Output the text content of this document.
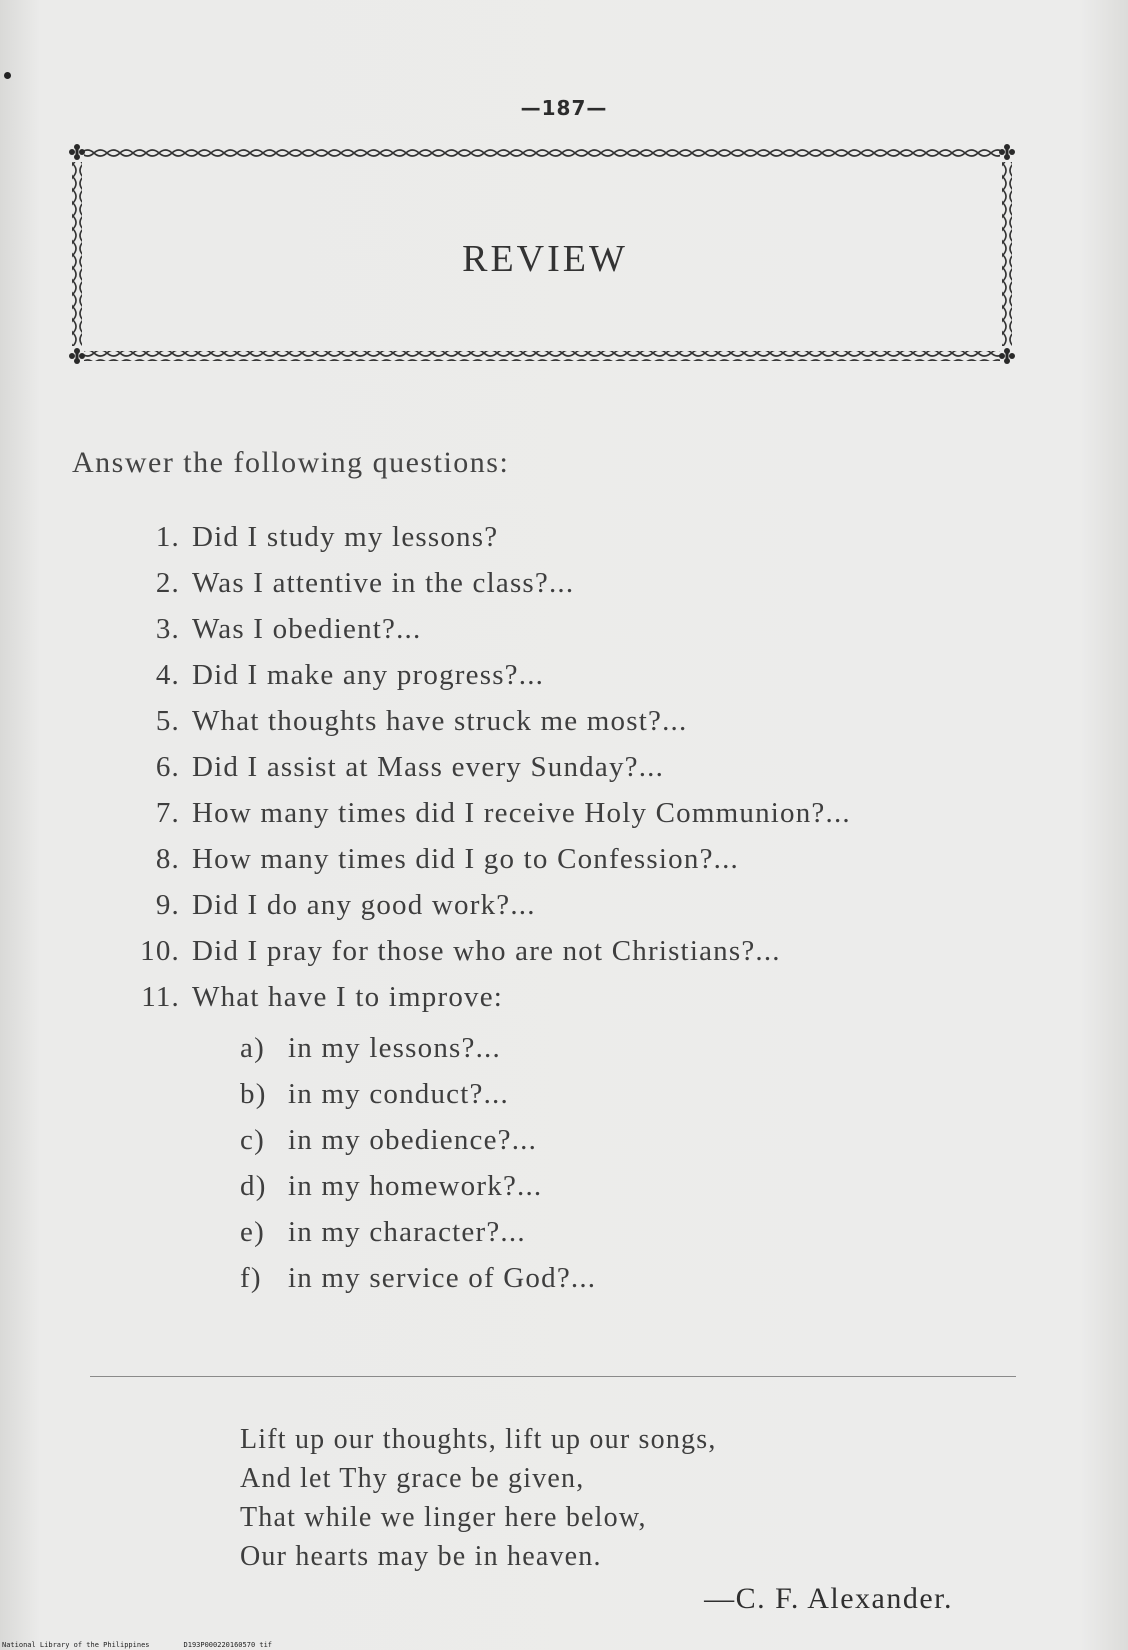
—187—
REVIEW
Answer the following questions:
1. Did I study my lessons?
2. Was I attentive in the class?...
3. Was I obedient?...
4. Did I make any progress?...
5. What thoughts have struck me most?...
6. Did I assist at Mass every Sunday?...
7. How many times did I receive Holy Communion?...
8. How many times did I go to Confession?...
9. Did I do any good work?...
10. Did I pray for those who are not Christians?...
11. What have I to improve:
a) in my lessons?...
b) in my conduct?...
c) in my obedience?...
d) in my homework?...
e) in my character?...
f) in my service of God?...
Lift up our thoughts, lift up our songs,
And let Thy grace be given,
That while we linger here below,
Our hearts may be in heaven.
—C. F. Alexander.
National Library of the Philippines	D193P000220160570 tif
